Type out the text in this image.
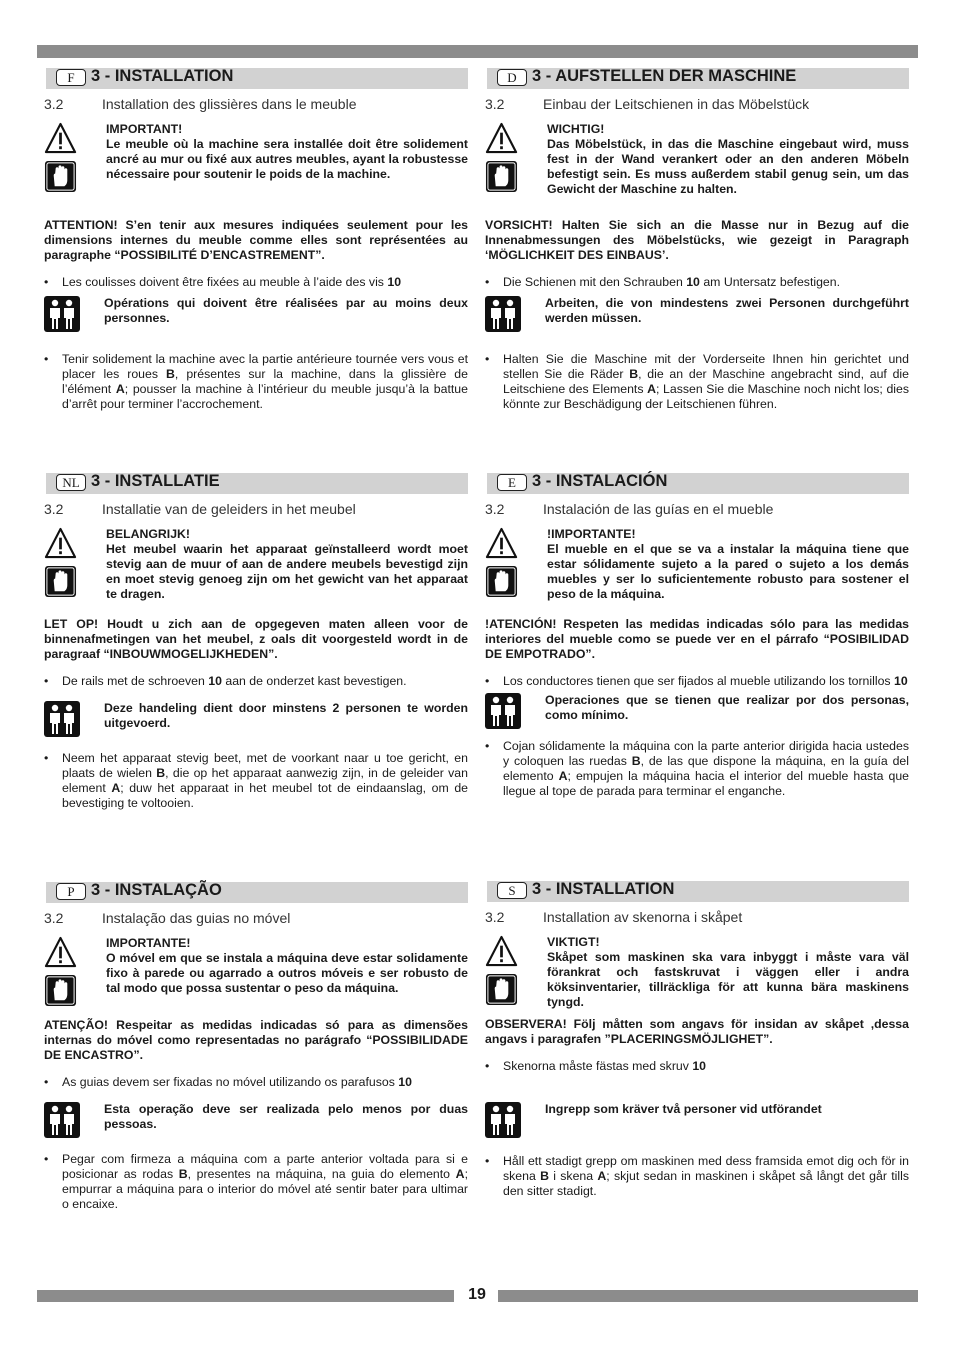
F 3 - INSTALLATION
3.2	Installation des glissières dans le meuble

IMPORTANT!

Le meuble où la machine sera installée doit être solidement ancré au mur ou fixé aux autres meubles, ayant la robustesse nécessaire pour soutenir le poids de la machine.

ATTENTION! S’en tenir aux mesures indiquées seulement pour les dimensions internes du meuble comme elles sont représentées au paragraphe “POSSIBILITÉ D’ENCASTREMENT”.

• Les coulisses doivent être fixées au meuble à l’aide des vis 10

Opérations qui doivent être réalisées par au moins deux personnes.

• Tenir solidement la machine avec la partie antérieure tournée vers vous et placer les roues B, présentes sur la machine, dans la glissière de l’élément A; pousser la machine à l’intérieur du meuble jusqu’à la battue d’arrêt pour terminer l’accrochement.

D 3 - AUFSTELLEN DER MASCHINE
3.2	Einbau der Leitschienen in das Möbelstück

WICHTIG!

Das Möbelstück, in das die Maschine eingebaut wird, muss fest in der Wand verankert oder an den anderen Möbeln befestigt sein. Es muss außerdem stabil genug sein, um das Gewicht der Maschine zu halten.

VORSICHT! Halten Sie sich an die Masse nur in Bezug auf die Innenabmessungen des Möbelstücks, wie gezeigt in Paragraph ‘MÖGLICHKEIT DES EINBAUS’.

• Die Schienen mit den Schrauben 10 am Untersatz befestigen.

Arbeiten, die von mindestens zwei Personen durchgeführt werden müssen.

• Halten Sie die Maschine mit der Vorderseite Ihnen hin gerichtet und stellen Sie die Räder B, die an der Maschine angebracht sind, auf die Leitschiene des Elements A; Lassen Sie die Maschine noch nicht los; dies könnte zur Beschädigung der Leitschienen führen.

NL 3 - INSTALLATIE
3.2	Installatie van de geleiders in het meubel

BELANGRIJK!

Het meubel waarin het apparaat geïnstalleerd wordt moet stevig aan de muur of aan de andere meubels bevestigd zijn en moet stevig genoeg zijn om het gewicht van het apparaat te dragen.

LET OP! Houdt u zich aan de opgegeven maten alleen voor de binnenafmetingen van het meubel, z oals dit voorgesteld wordt in de paragraaf “INBOUWMOGELIJKHEDEN”.

• De rails met de schroeven 10 aan de onderzet kast bevestigen.

Deze handeling dient door minstens 2 personen te worden uitgevoerd.

• Neem het apparaat stevig beet, met de voorkant naar u toe gericht, en plaats de wielen B, die op het apparaat aanwezig zijn, in de geleider van element A; duw het apparaat in het meubel tot de eindaanslag, om de bevestiging te voltooien.

E 3 - INSTALACIÓN
3.2	Instalación de las guías en el mueble

!IMPORTANTE!

El mueble en el que se va a instalar la máquina tiene que estar sólidamente sujeto a la pared o sujeto a los demás muebles y ser lo suficientemente robusto para sostener el peso de la máquina.

!ATENCIÓN! Respeten las medidas indicadas sólo para las medidas interiores del mueble como se puede ver en el párrafo “POSIBILIDAD DE EMPOTRADO”.

• Los conductores tienen que ser fijados al mueble utilizando los tornillos 10

Operaciones que se tienen que realizar por dos personas, como mínimo.

• Cojan sólidamente la máquina con la parte anterior dirigida hacia ustedes y coloquen las ruedas B, de las que dispone la máquina, en la guía del elemento A; empujen la máquina hacia el interior del mueble hasta que llegue al tope de parada para terminar el enganche.

P 3 - INSTALAÇÃO
3.2	Instalação das guias no móvel

IMPORTANTE!

O móvel em que se instala a máquina deve estar solidamente fixo à parede ou agarrado a outros móveis e ser robusto de tal modo que possa sustentar o peso da máquina.

ATENÇÃO! Respeitar as medidas indicadas só para as dimensões internas do móvel como representadas no parágrafo “POSSIBILIDADE DE ENCASTRO”.

• As guias devem ser fixadas no móvel utilizando os parafusos 10

Esta operação deve ser realizada pelo menos por duas pessoas.

• Pegar com firmeza a máquina com a parte anterior voltada para si e posicionar as rodas B, presentes na máquina, na guia do elemento A; empurrar a máquina para o interior do móvel até sentir bater para ultimar o encaixe.

S 3 - INSTALLATION
3.2	Installation av skenorna i skåpet

VIKTIGT!

Skåpet som maskinen ska vara inbyggt i måste vara väl förankrat och fastskruvat i väggen eller i andra köksinventarier, tillräckliga för att kunna bära maskinens tyngd.

OBSERVERA! Följ måtten som angavs för insidan av skåpet ,dessa angavs i paragrafen ”PLACERINGSMÖJLIGHET”.

• Skenorna måste fästas med skruv 10

Ingrepp som kräver två personer vid utförandet

• Håll ett stadigt grepp om maskinen med dess framsida emot dig och för in skena B i skena A; skjut sedan in maskinen i skåpet så långt det går tills den sitter stadigt.

19
